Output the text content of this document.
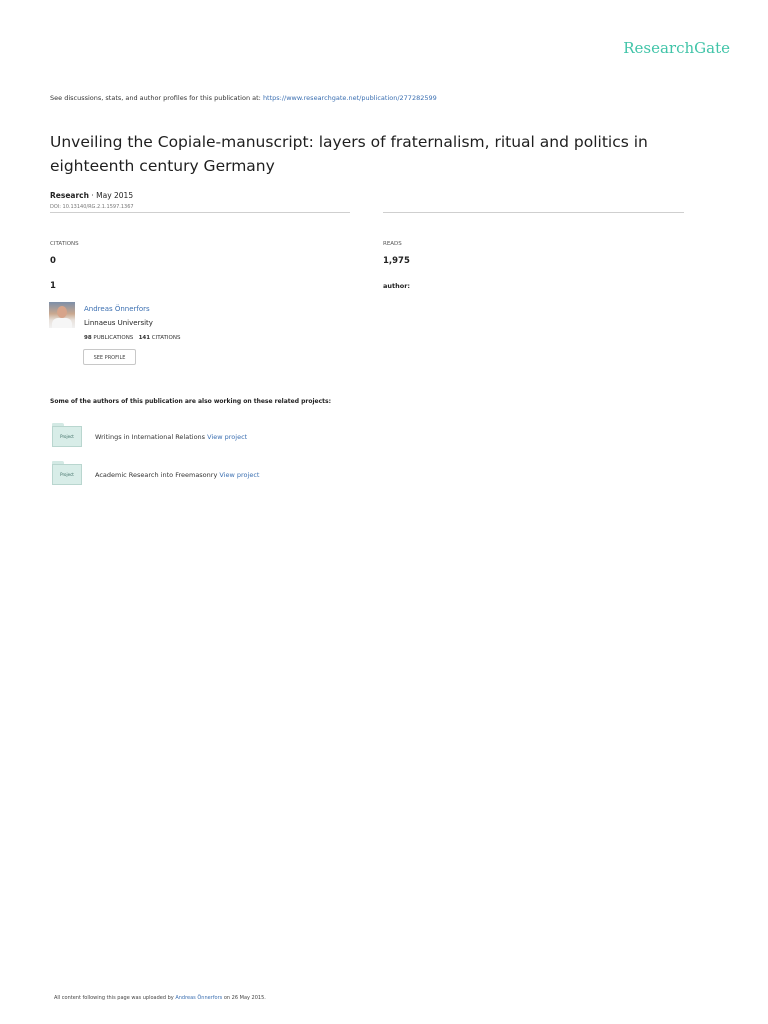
ResearchGate
See discussions, stats, and author profiles for this publication at: https://www.researchgate.net/publication/277282599
Unveiling the Copiale-manuscript: layers of fraternalism, ritual and politics in eighteenth century Germany
Research · May 2015
DOI: 10.13140/RG.2.1.1597.1367
CITATIONS
0
READS
1,975
1	author:
Andreas Önnerfors
Linnaeus University
98 PUBLICATIONS 141 CITATIONS
SEE PROFILE
Some of the authors of this publication are also working on these related projects:
Project	Writings in International Relations View project
Project	Academic Research into Freemasonry View project
All content following this page was uploaded by Andreas Önnerfors on 26 May 2015.
